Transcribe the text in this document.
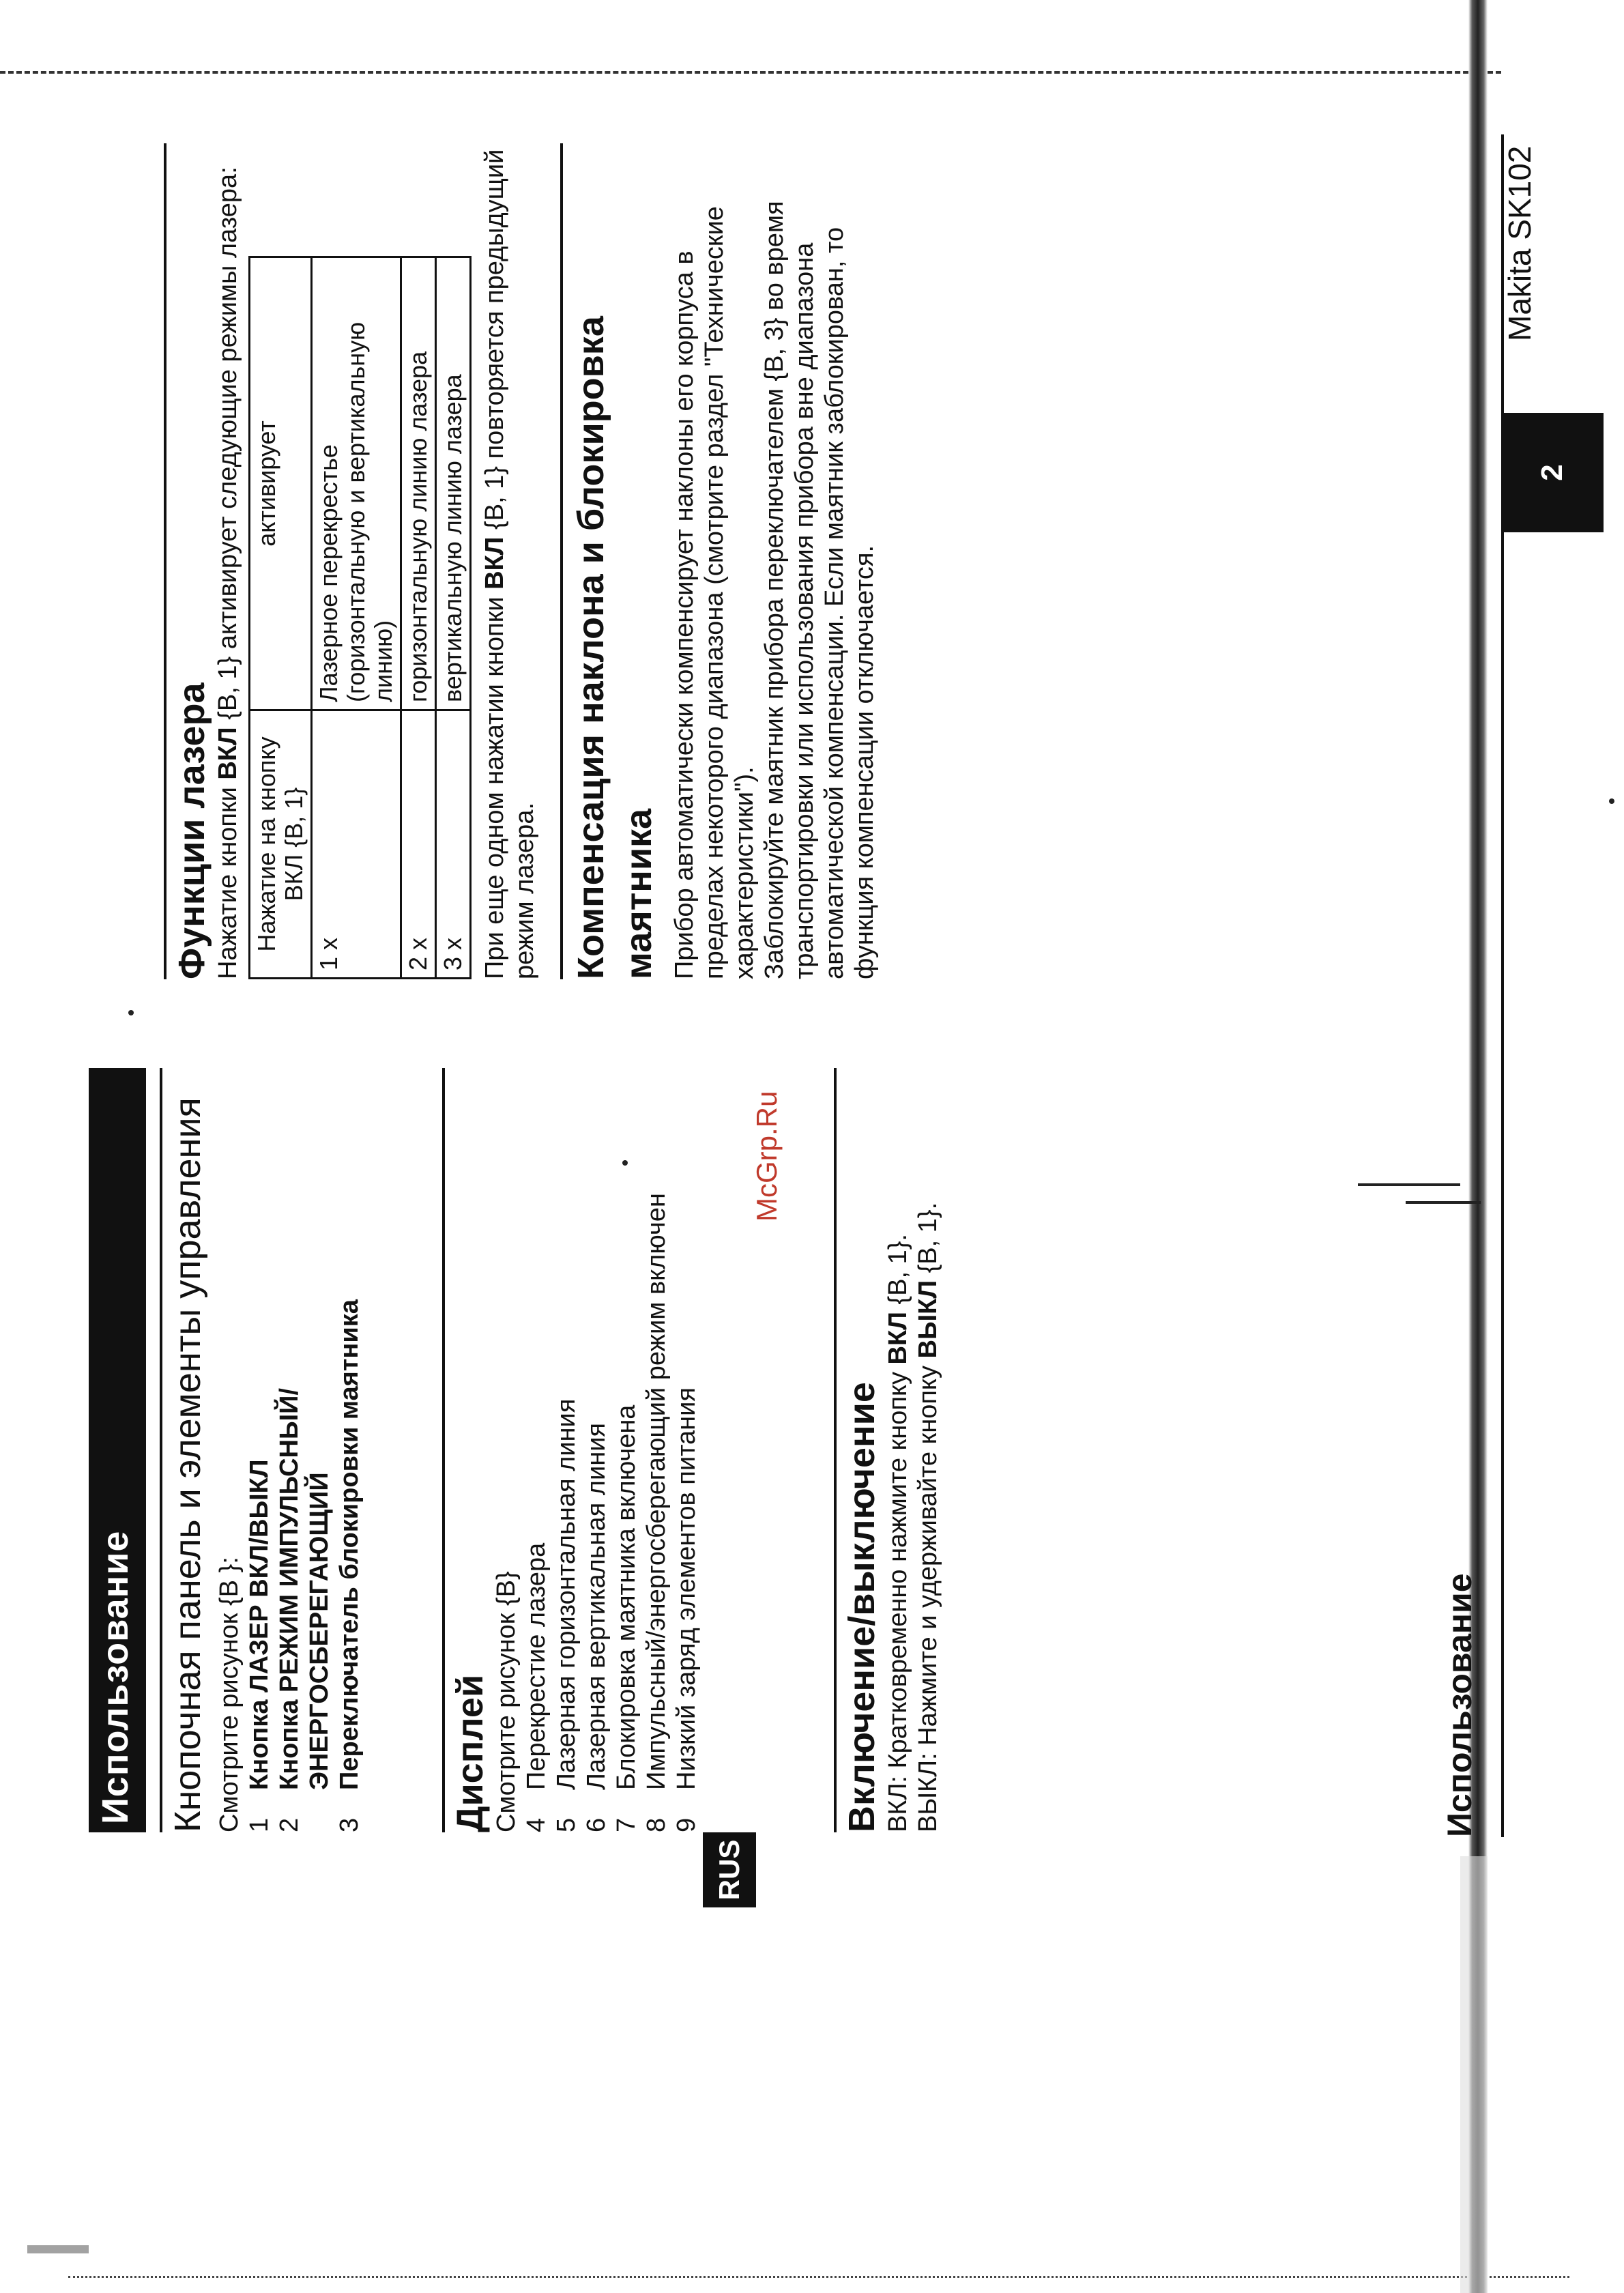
Использование Кнопочная панель и элементы управления Смотрите рисунок {В }: 1
Кнопка ЛАЗЕР ВКЛ/ВЫКЛ
2
Кнопка РЕЖИМ ИМПУЛЬСНЫЙ/ ЭНЕРГОСБЕРЕГАЮЩИЙ
3
Переключатель блокировки маятника Дисплей Смотрите рисунок {В} 4
Перекрестие лазера
5
Лазерная горизонтальная линия
6
Лазерная вертикальная линия
7
Блокировка маятника включена
8
Импульсный/энергосберегающий режим включен
9
Низкий заряд элементов питания	Включение/выключение ВКЛ: Кратковременно нажмите кнопку ВКЛ {В, 1}.
ВЫКЛ: Нажмите и удерживайте кнопку ВЫКЛ {В, 1}.
RUS
Функции лазера Нажатие кнопки ВКЛ {В, 1} активирует следующие режимы лазера:
Нажатие на кнопку ВКЛ {В, 1}	активирует
1 x	Лазерное перекрестье (горизонтальную и вертикальную линию)
2 x	горизонтальную линию лазера
3 x	вертикальную линию лазера
При еще одном нажатии кнопки ВКЛ {В, 1} повторяется предыдущий режим лазера. Компенсация наклона и блокировка маятника Прибор автоматически компенсирует наклоны его корпуса в пределах некоторого диапазона (смотрите раздел "Технические характеристики"). Заблокируйте маятник прибора переключателем {В, 3} во время транспортировки или использования прибора вне диапазона автоматической компенсации. Если маятник заблокирован, то функция компенсации отключается.
McGrp.Ru
Использование
2
Makita SK102
